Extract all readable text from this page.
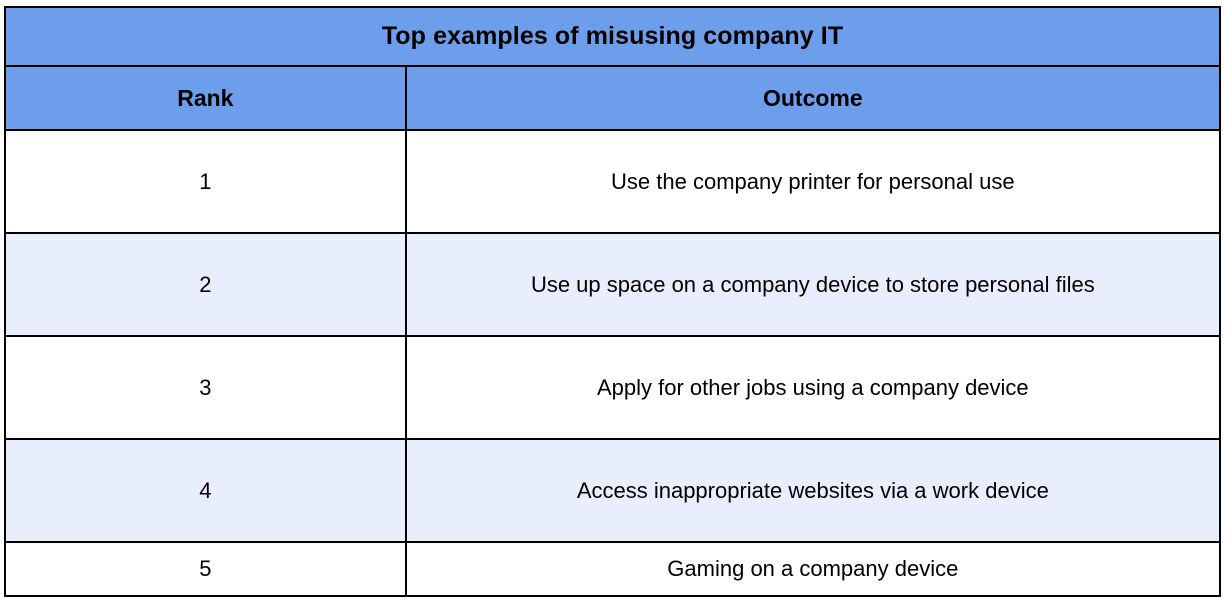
Top examples of misusing company IT	
Rank	Outcome
1	Use the company printer for personal use
2	Use up space on a company device to store personal files
3	Apply for other jobs using a company device
4	Access inappropriate websites via a work device
5	Gaming on a company device
